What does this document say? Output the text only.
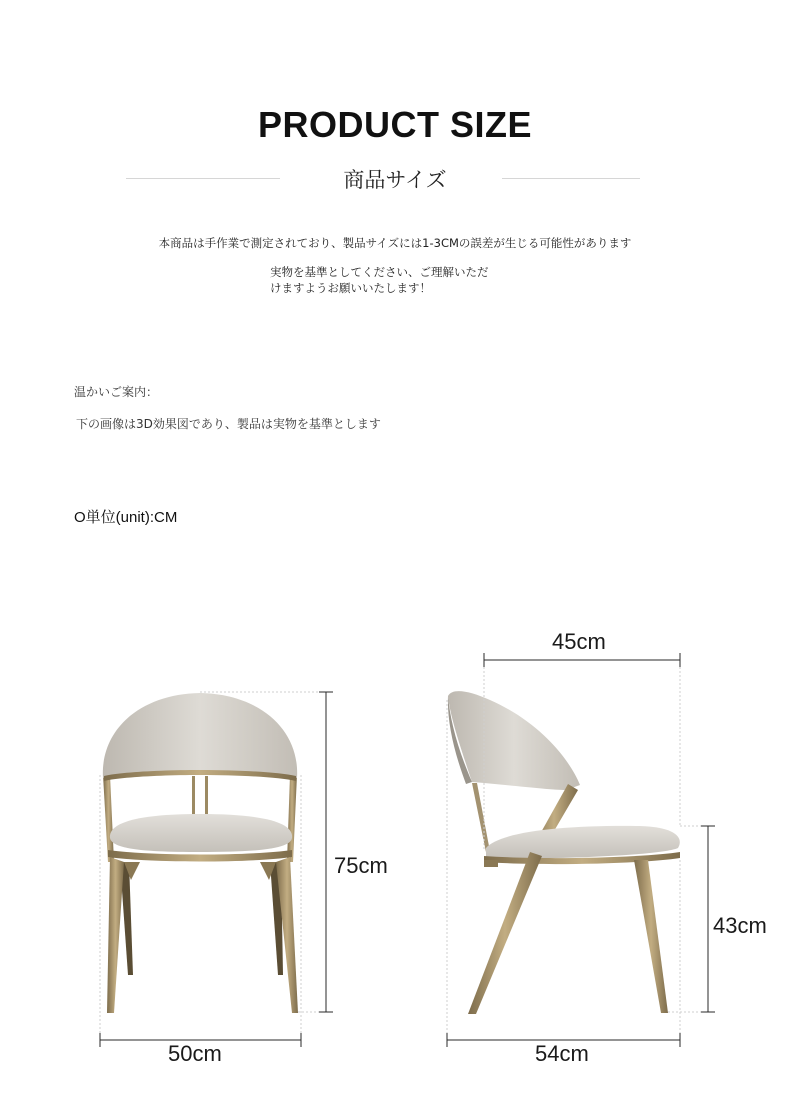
PRODUCT SIZE
商品サイズ
本商品は手作業で測定されており、製品サイズには1-3CMの誤差が生じる可能性があります
実物を基準としてください、ご理解いただ
けますようお願いいたします！
温かいご案内：
下の画像は3D効果図であり、製品は実物を基準とします
O単位(unit):CM
45cm
75cm
43cm
50cm	54cm
